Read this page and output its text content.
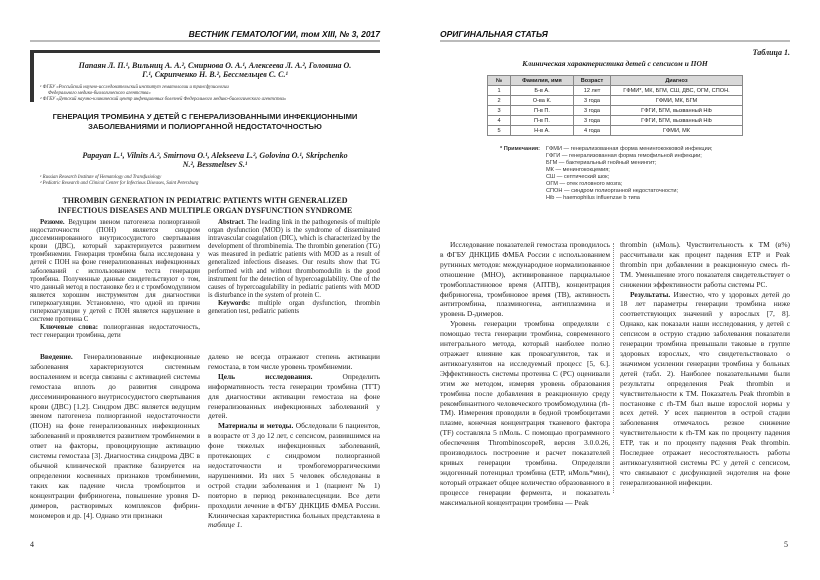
ВЕСТНИК ГЕМАТОЛОГИИ, том XIII, № 3, 2017
Папаян Л. П.¹, Вильниц А. А.², Смирнова О. А.¹, Алексеева Л. А.², Головина О. Г.¹, Скрипченко Н. В.², Бессмельцев С. С.¹
¹ ФГБУ «Российский научно-исследовательский институт гематологии и трансфузиологии Федерального медико-биологического агентства»
² ФГБУ «Детский научно-клинический центр инфекционных болезней Федерального медико-биологического агентства»
ГЕНЕРАЦИЯ ТРОМБИНА У ДЕТЕЙ С ГЕНЕРАЛИЗОВАННЫМИ ИНФЕКЦИОННЫМИ ЗАБОЛЕВАНИЯМИ И ПОЛИОРГАННОЙ НЕДОСТАТОЧНОСТЬЮ
Papayan L.¹, Vilnits A.², Smirnova O.¹, Alekseeva L.², Golovina O.¹, Skripchenko N.², Bessmeltsev S.¹
¹ Russian Research Institute of Hematology and Transfusiology
² Pediatric Research and Clinical Center for Infectious Diseases, Saint Petersburg
THROMBIN GENERATION IN PEDIATRIC PATIENTS WITH GENERALIZED INFECTIOUS DISEASES AND MULTIPLE ORGAN DYSFUNCTION SYNDROME

Резюме. Ведущим звеном патогенеза полиорганной недостаточности (ПОН) является синдром диссеминированного внутрисосудистого свертывания крови (ДВС), который характеризуется развитием тромбинемии. Генерация тромбина была исследована у детей с ПОН на фоне генерализованных инфекционных заболеваний с использованием теста генерации тромбина. Полученные данные свидетельствуют о том, что данный метод в постановке без и с тромбомодулином является хорошим инструментом для диагностики гиперкоагуляции. Установлено, что одной из причин гиперкоагуляции у детей с ПОН является нарушение в системе протеина С

Ключевые слова: полиорганная недостаточность, тест генерации тромбина, дети

Abstract. The leading link in the pathogenesis of multiple organ dysfunction (MOD) is the syndrome of disseminated intravascular coagulation (DIC), which is characterized by the development of thrombinemia. The thrombin generation (TG) was measured in pediatric patients with MOD as a result of generalized infectious diseases. Our results show that TG performed with and without thrombomodulin is the good instrument for the detection of hypercoagulability. One of the causes of hypercoagulability in pediatric patients with MOD is disturbance in the system of protein C.

Keywords: multiple organ dysfunction, thrombin generation test, pediatric patients

Введение. Генерализованные инфекционные заболевания характеризуются системным воспалением и всегда связаны с активацией системы гемостаза вплоть до развития синдрома диссеминированного внутрисосудистого свертывания крови (ДВС) [1,2]. Синдром ДВС является ведущим звеном патогенеза полиорганной недостаточности (ПОН) на фоне генерализованных инфекционных заболеваний и проявляется развитием тромбинемии в ответ на факторы, провоцирующие активацию системы гемостаза [3]. Диагностика синдрома ДВС в обычной клинической практике базируется на определении косвенных признаков тромбинемии, таких как падение числа тромбоцитов и концентрации фибриногена, повышение уровня D-димеров, растворимых комплексов фибрин-мономеров и др. [4]. Однако эти признаки

далеко не всегда отражают степень активации гемостаза, в том числе уровень тромбинемии.

Цель исследования. Определить информативность теста генерации тромбина (ТГТ) для диагностики активации гемостаза на фоне генерализованных инфекционных заболеваний у детей.

Материалы и методы. Обследовали 6 пациентов, в возрасте от 3 до 12 лет, с сепсисом, развившимся на фоне тяжелых инфекционных заболеваний, протекающих с синдромом полиорганной недостаточности и тромбогеморрагическими нарушениями. Из них 5 человек обследованы в острой стадии заболевания и 1 (пациент № 1) повторно в период реконвалесценции. Все дети проходили лечение в ФГБУ ДНКЦИБ ФМБА России. Клиническая характеристика больных представлена в таблице 1.

4
ОРИГИНАЛЬНАЯ СТАТЬЯ
Таблица 1.
Клиническая характеристика детей с сепсисом и ПОН
№	Фамилия, имя	Возраст	Диагноз
1	Б-в А.	12 лет	ГФМИ*, МК, БГМ, СШ, ДВС, ОГМ, СПОН.
2	О-ва К.	3 года	ГФМИ, МК, БГМ
3	П-в П.	3 года	ГФГИ, БГМ, вызванный Hib
4	П-в П.	3 года	ГФГИ, БГМ, вызванный Hib
5	Н-в А.	4 года	ГФМИ, МК
* Примечания: ГФМИ — генерализованная форма менингококковой инфекции;
ГФГИ — генерализованная форма гемофильной инфекции;
БГМ — бактериальный гнойный менингит;
МК — менингококцемия;
СШ — септический шок;
ОГМ — отек головного мозга;
СПОН — синдром полиорганной недостаточности;
Hib — haemophilus influenzae b типа

Исследование показателей гемостаза проводилось в ФГБУ ДНКЦИБ ФМБА России с использованием рутинных методов: международное нормализованное отношение (МНО), активированное парциальное тромбопластиновое время (АПТВ), концентрация фибриногена, тромбиновое время (ТВ), активность антитромбина, плазминогена, антиплазмина и уровень D-димеров.

Уровень генерации тромбина определяли с помощью теста генерации тромбина, современного интегрального метода, который наиболее полно отражает влияние как прокоагулянтов, так и антикоагулянтов на исследуемый процесс [5, 6.]. Эффективность системы протеина С (PC) оценивали этим же методом, измеряя уровень образования тромбина после добавления в реакционную среду рекомбинантного человеческого тромбомодулина (rh-TM). Измерения проводили в бедной тромбоцитами плазме, конечная концентрация тканевого фактора (TF) составляла 5 пМоль. С помощью программного обеспечения ThrombinoscopeR, версия 3.0.0.26, производилось построение и расчет показателей кривых генерации тромбина. Определяли эндогенный потенциал тромбина (ETP, нМоль*мин), который отражает общее количество образованного в процессе генерации фермента, и показатель максимальной концентрации тромбина — Peak

thrombin (нМоль). Чувствительность к ТМ (в%) рассчитывали как процент падения ETP и Peak thrombin при добавлении в реакционную смесь rh-TM. Уменьшение этого показателя свидетельствует о снижении эффективности работы системы PC.

Результаты. Известно, что у здоровых детей до 18 лет параметры генерации тромбина ниже соответствующих значений у взрослых [7, 8]. Однако, как показали наши исследования, у детей с сепсисом в острую стадию заболевания показатели генерации тромбина превышали таковые в группе здоровых взрослых, что свидетельствовало о значимом усилении генерации тромбина у больных детей (табл. 2). Наиболее показательными были результаты определения Peak thrombin и чувствительности к ТМ. Показатель Peak thrombin в постановке с rh-TM был выше взрослой нормы у всех детей. У всех пациентов в острой стадии заболевания отмечалось резкое снижение чувствительности к rh-TM как по проценту падения ETP, так и по проценту падения Peak thrombin. Последнее отражает несостоятельность работы антикоагулянтной системы PC у детей с сепсисом, что связывают с дисфункцией эндотелия на фоне генерализованной инфекции.

5
